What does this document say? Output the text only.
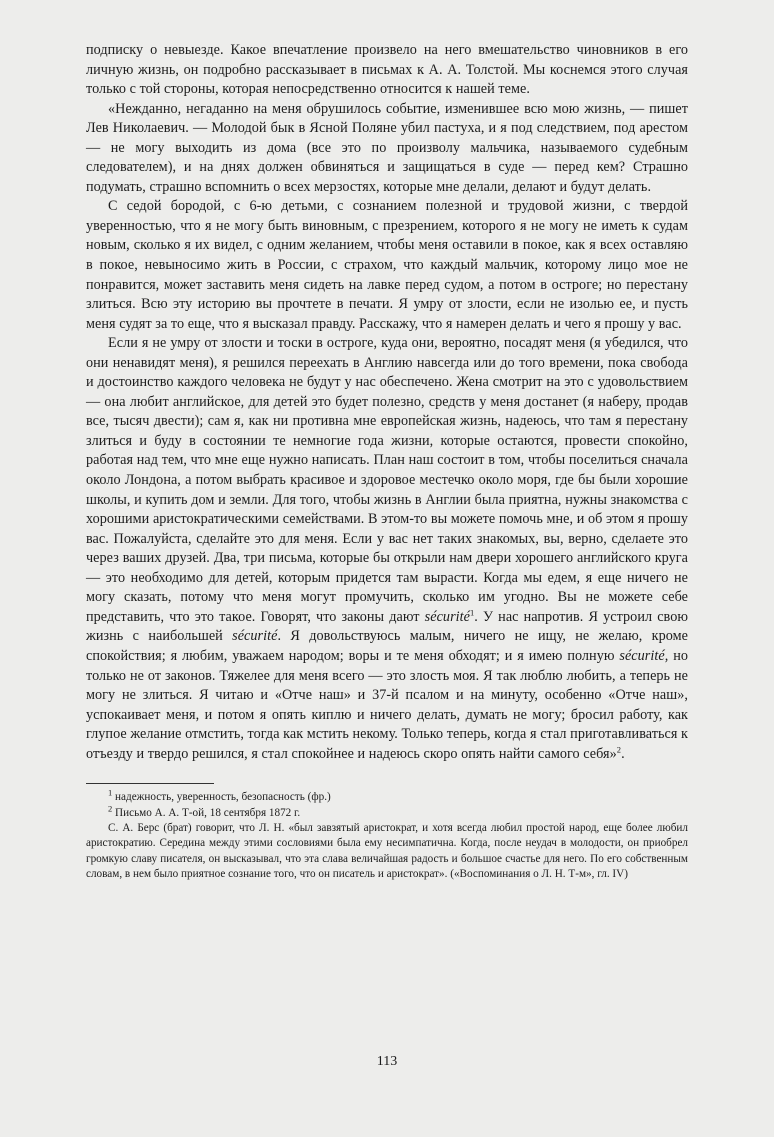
подписку о невыезде. Какое впечатление произвело на него вмешательство чиновников в его личную жизнь, он подробно рассказывает в письмах к А. А. Толстой. Мы коснемся этого случая только с той стороны, которая непосредственно относится к нашей теме.

«Нежданно, негаданно на меня обрушилось событие, изменившее всю мою жизнь, — пишет Лев Николаевич. — Молодой бык в Ясной Поляне убил пастуха, и я под следствием, под арестом — не могу выходить из дома (все это по произволу мальчика, называемого судебным следователем), и на днях должен обвиняться и защищаться в суде — перед кем? Страшно подумать, страшно вспомнить о всех мерзостях, которые мне делали, делают и будут делать.

С седой бородой, с 6-ю детьми, с сознанием полезной и трудовой жизни, с твердой уверенностью, что я не могу быть виновным, с презрением, которого я не могу не иметь к судам новым, сколько я их видел, с одним желанием, чтобы меня оставили в покое, как я всех оставляю в покое, невыносимо жить в России, с страхом, что каждый мальчик, которому лицо мое не понравится, может заставить меня сидеть на лавке перед судом, а потом в остроге; но перестану злиться. Всю эту историю вы прочтете в печати. Я умру от злости, если не изолью ее, и пусть меня судят за то еще, что я высказал правду. Расскажу, что я намерен делать и чего я прошу у вас.

Если я не умру от злости и тоски в остроге, куда они, вероятно, посадят меня (я убедился, что они ненавидят меня), я решился переехать в Англию навсегда или до того времени, пока свобода и достоинство каждого человека не будут у нас обеспечено. Жена смотрит на это с удовольствием — она любит английское, для детей это будет полезно, средств у меня достанет (я наберу, продав все, тысяч двести); сам я, как ни противна мне европейская жизнь, надеюсь, что там я перестану злиться и буду в состоянии те немногие года жизни, которые остаются, провести спокойно, работая над тем, что мне еще нужно написать. План наш состоит в том, чтобы поселиться сначала около Лондона, а потом выбрать красивое и здоровое местечко около моря, где бы были хорошие школы, и купить дом и земли. Для того, чтобы жизнь в Англии была приятна, нужны знакомства с хорошими аристократическими семействами. В этом-то вы можете помочь мне, и об этом я прошу вас. Пожалуйста, сделайте это для меня. Если у вас нет таких знакомых, вы, верно, сделаете это через ваших друзей. Два, три письма, которые бы открыли нам двери хорошего английского круга — это необходимо для детей, которым придется там вырасти. Когда мы едем, я еще ничего не могу сказать, потому что меня могут промучить, сколько им угодно. Вы не можете себе представить, что это такое. Говорят, что законы дают sécurité$^1$. У нас напротив. Я устроил свою жизнь с наибольшей sécurité. Я довольствуюсь малым, ничего не ищу, не желаю, кроме спокойствия; я любим, уважаем народом; воры и те меня обходят; и я имею полную sécurité, но только не от законов. Тяжелее для меня всего — это злость моя. Я так люблю любить, а теперь не могу не злиться. Я читаю и «Отче наш» и 37-й псалом и на минуту, особенно «Отче наш», успокаивает меня, и потом я опять киплю и ничего делать, думать не могу; бросил работу, как глупое желание отмстить, тогда как мстить некому. Только теперь, когда я стал приготавливаться к отъезду и твердо решился, я стал спокойнее и надеюсь скоро опять найти самого себя»$^2$.

$^1$ надежность, уверенность, безопасность (фр.)

$^2$ Письмо А. А. Т-ой, 18 сентября 1872 г.

С. А. Берс (брат) говорит, что Л. Н. «был завзятый аристократ, и хотя всегда любил простой народ, еще более любил аристократию. Середина между этими сословиями была ему несимпатична. Когда, после неудач в молодости, он приобрел громкую славу писателя, он высказывал, что эта слава величайшая радость и большое счастье для него. По его собственным словам, в нем было приятное сознание того, что он писатель и аристократ». («Воспоминания о Л. Н. Т-м», гл. IV)

113
